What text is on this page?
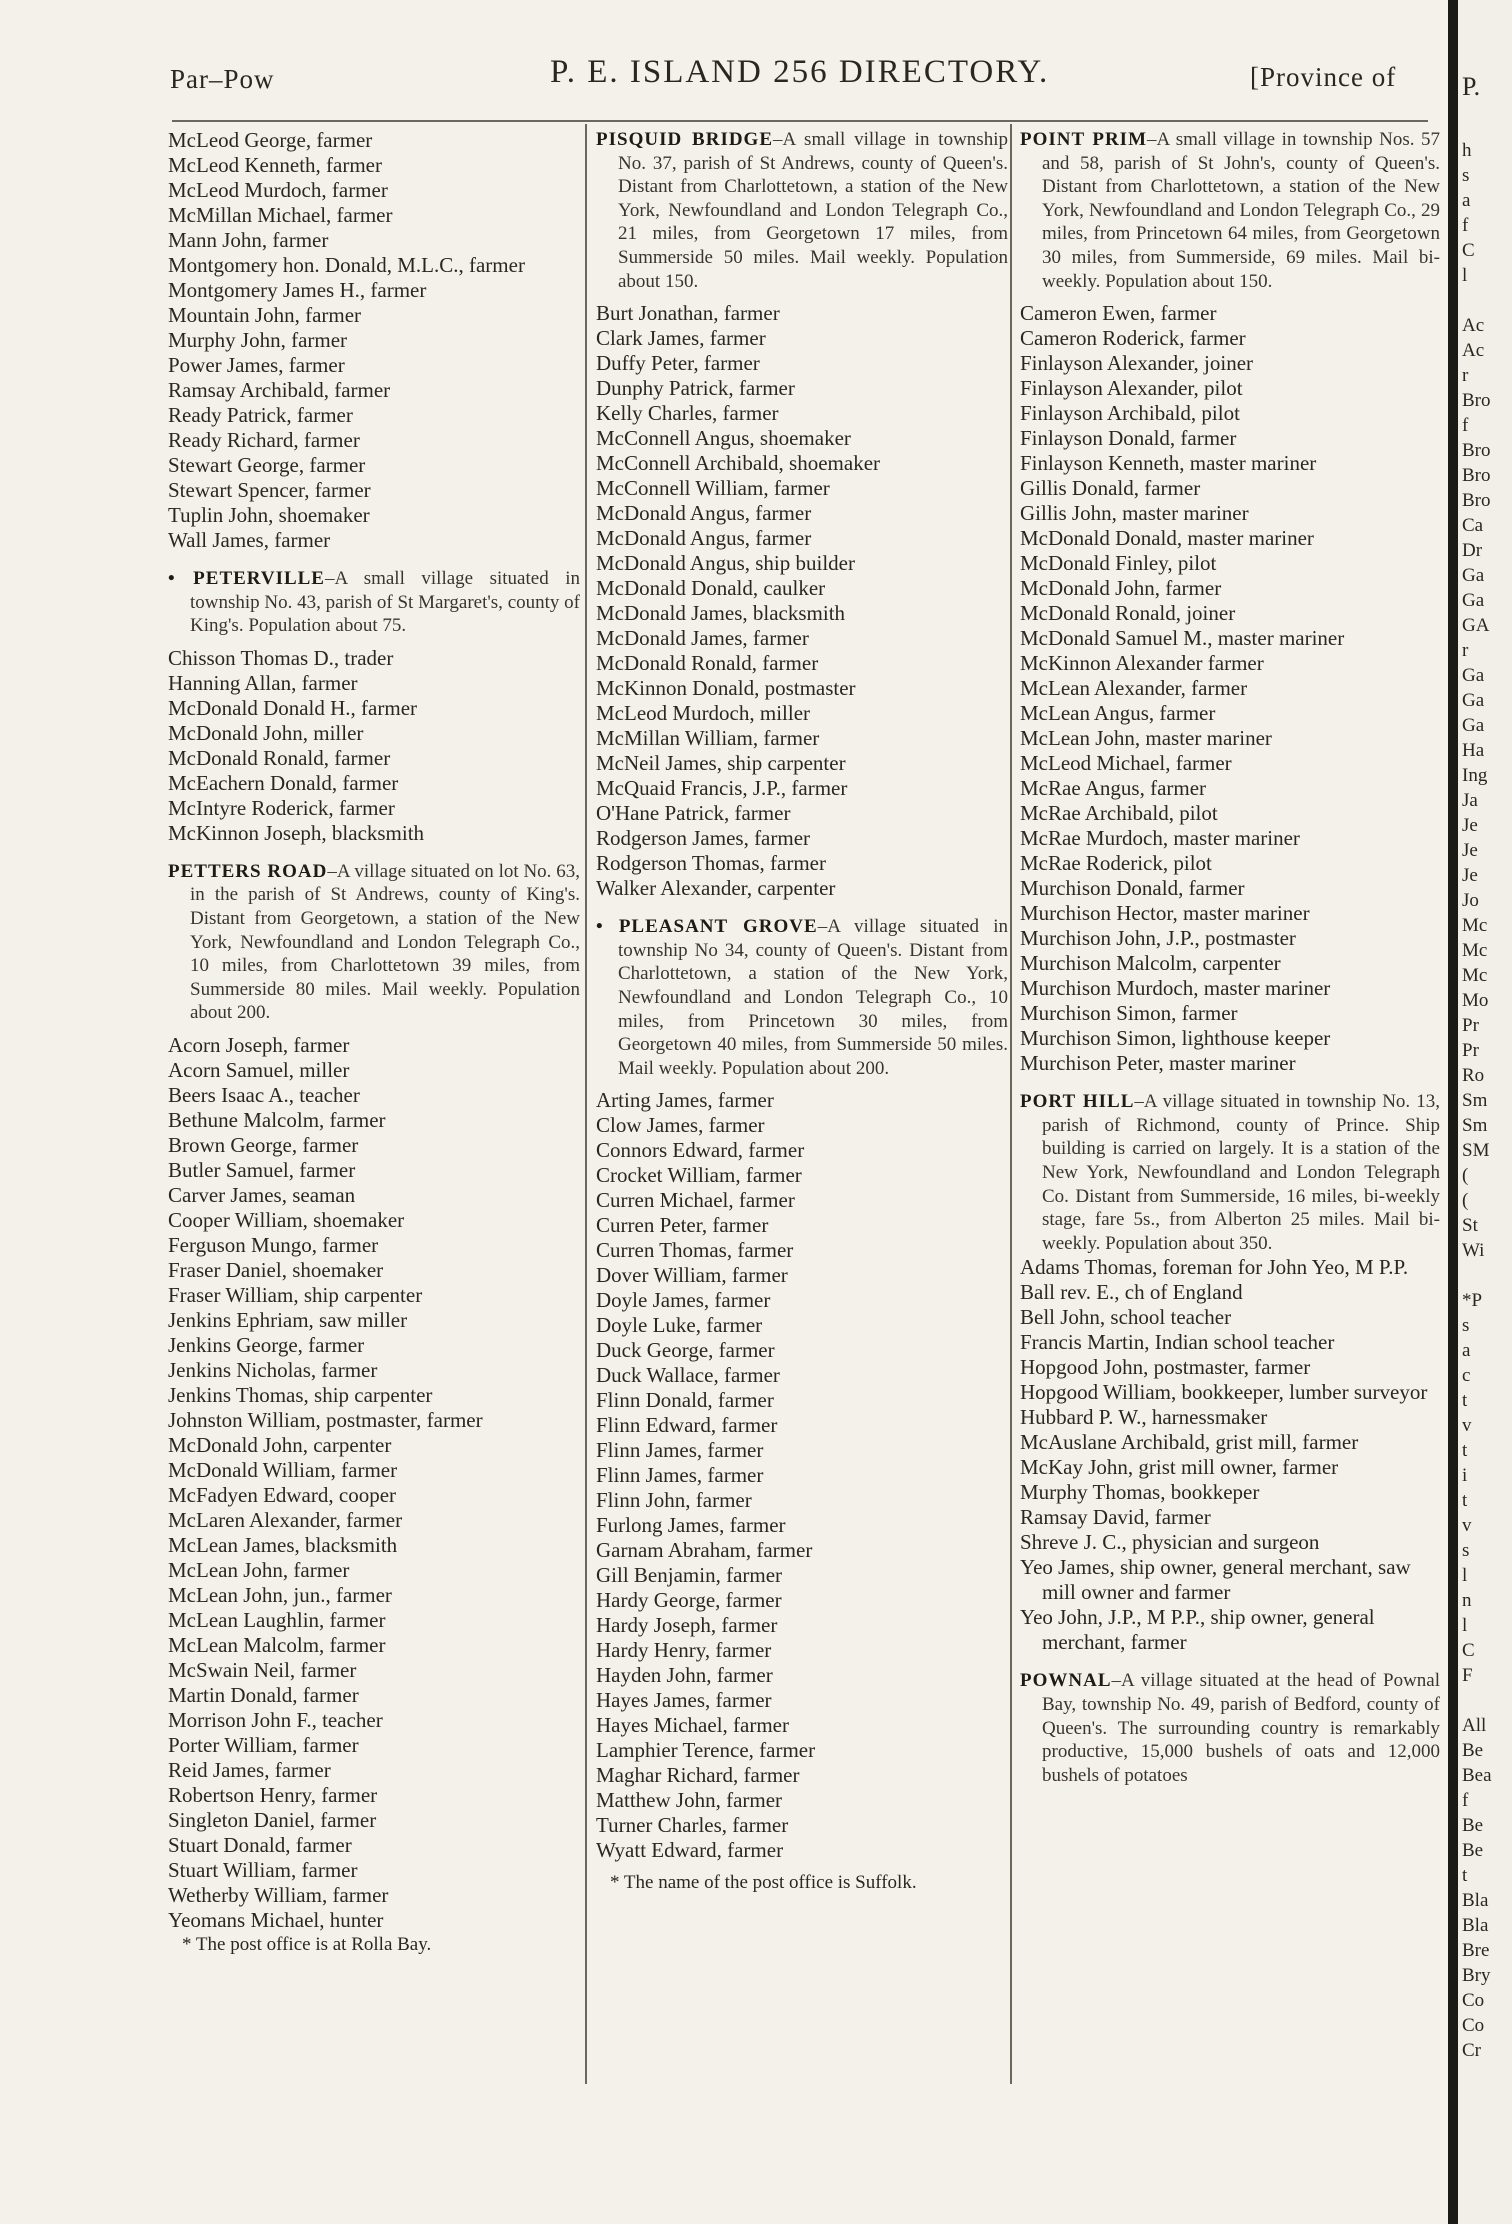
Par–Pow	P. E. ISLAND 256 DIRECTORY.	[Province of
McLeod George, farmer
McLeod Kenneth, farmer
McLeod Murdoch, farmer
McMillan Michael, farmer
Mann John, farmer
Montgomery hon. Donald, M.L.C., farmer
Montgomery James H., farmer
Mountain John, farmer
Murphy John, farmer
Power James, farmer
Ramsay Archibald, farmer
Ready Patrick, farmer
Ready Richard, farmer
Stewart George, farmer
Stewart Spencer, farmer
Tuplin John, shoemaker
Wall James, farmer

• PETERVILLE–A small village situated in township No. 43, parish of St Margaret's, county of King's. Population about 75.

Chisson Thomas D., trader
Hanning Allan, farmer
McDonald Donald H., farmer
McDonald John, miller
McDonald Ronald, farmer
McEachern Donald, farmer
McIntyre Roderick, farmer
McKinnon Joseph, blacksmith

PETTERS ROAD–A village situated on lot No. 63, in the parish of St Andrews, county of King's. Distant from Georgetown, a station of the New York, Newfoundland and London Telegraph Co., 10 miles, from Charlottetown 39 miles, from Summerside 80 miles. Mail weekly. Population about 200.

Acorn Joseph, farmer
Acorn Samuel, miller
Beers Isaac A., teacher
Bethune Malcolm, farmer
Brown George, farmer
Butler Samuel, farmer
Carver James, seaman
Cooper William, shoemaker
Ferguson Mungo, farmer
Fraser Daniel, shoemaker
Fraser William, ship carpenter
Jenkins Ephriam, saw miller
Jenkins George, farmer
Jenkins Nicholas, farmer
Jenkins Thomas, ship carpenter
Johnston William, postmaster, farmer
McDonald John, carpenter
McDonald William, farmer
McFadyen Edward, cooper
McLaren Alexander, farmer
McLean James, blacksmith
McLean John, farmer
McLean John, jun., farmer
McLean Laughlin, farmer
McLean Malcolm, farmer
McSwain Neil, farmer
Martin Donald, farmer
Morrison John F., teacher
Porter William, farmer
Reid James, farmer
Robertson Henry, farmer
Singleton Daniel, farmer
Stuart Donald, farmer
Stuart William, farmer
Wetherby William, farmer
Yeomans Michael, hunter
* The post office is at Rolla Bay.

PISQUID BRIDGE–A small village in township No. 37, parish of St Andrews, county of Queen's. Distant from Charlottetown, a station of the New York, Newfoundland and London Telegraph Co., 21 miles, from Georgetown 17 miles, from Summerside 50 miles. Mail weekly. Population about 150.

Burt Jonathan, farmer
Clark James, farmer
Duffy Peter, farmer
Dunphy Patrick, farmer
Kelly Charles, farmer
McConnell Angus, shoemaker
McConnell Archibald, shoemaker
McConnell William, farmer
McDonald Angus, farmer
McDonald Angus, farmer
McDonald Angus, ship builder
McDonald Donald, caulker
McDonald James, blacksmith
McDonald James, farmer
McDonald Ronald, farmer
McKinnon Donald, postmaster
McLeod Murdoch, miller
McMillan William, farmer
McNeil James, ship carpenter
McQuaid Francis, J.P., farmer
O'Hane Patrick, farmer
Rodgerson James, farmer
Rodgerson Thomas, farmer
Walker Alexander, carpenter

• PLEASANT GROVE–A village situated in township No 34, county of Queen's. Distant from Charlottetown, a station of the New York, Newfoundland and London Telegraph Co., 10 miles, from Princetown 30 miles, from Georgetown 40 miles, from Summerside 50 miles. Mail weekly. Population about 200.

Arting James, farmer
Clow James, farmer
Connors Edward, farmer
Crocket William, farmer
Curren Michael, farmer
Curren Peter, farmer
Curren Thomas, farmer
Dover William, farmer
Doyle James, farmer
Doyle Luke, farmer
Duck George, farmer
Duck Wallace, farmer
Flinn Donald, farmer
Flinn Edward, farmer
Flinn James, farmer
Flinn James, farmer
Flinn John, farmer
Furlong James, farmer
Garnam Abraham, farmer
Gill Benjamin, farmer
Hardy George, farmer
Hardy Joseph, farmer
Hardy Henry, farmer
Hayden John, farmer
Hayes James, farmer
Hayes Michael, farmer
Lamphier Terence, farmer
Maghar Richard, farmer
Matthew John, farmer
Turner Charles, farmer
Wyatt Edward, farmer
* The name of the post office is Suffolk.

POINT PRIM–A small village in township Nos. 57 and 58, parish of St John's, county of Queen's. Distant from Charlottetown, a station of the New York, Newfoundland and London Telegraph Co., 29 miles, from Princetown 64 miles, from Georgetown 30 miles, from Summerside, 69 miles. Mail bi-weekly. Population about 150.

Cameron Ewen, farmer
Cameron Roderick, farmer
Finlayson Alexander, joiner
Finlayson Alexander, pilot
Finlayson Archibald, pilot
Finlayson Donald, farmer
Finlayson Kenneth, master mariner
Gillis Donald, farmer
Gillis John, master mariner
McDonald Donald, master mariner
McDonald Finley, pilot
McDonald John, farmer
McDonald Ronald, joiner
McDonald Samuel M., master mariner
McKinnon Alexander farmer
McLean Alexander, farmer
McLean Angus, farmer
McLean John, master mariner
McLeod Michael, farmer
McRae Angus, farmer
McRae Archibald, pilot
McRae Murdoch, master mariner
McRae Roderick, pilot
Murchison Donald, farmer
Murchison Hector, master mariner
Murchison John, J.P., postmaster
Murchison Malcolm, carpenter
Murchison Murdoch, master mariner
Murchison Simon, farmer
Murchison Simon, lighthouse keeper
Murchison Peter, master mariner

PORT HILL–A village situated in township No. 13, parish of Richmond, county of Prince. Ship building is carried on largely. It is a station of the New York, Newfoundland and London Telegraph Co. Distant from Summerside, 16 miles, bi-weekly stage, fare 5s., from Alberton 25 miles. Mail bi-weekly. Population about 350.

Adams Thomas, foreman for John Yeo, M P.P.
Ball rev. E., ch of England
Bell John, school teacher
Francis Martin, Indian school teacher
Hopgood John, postmaster, farmer
Hopgood William, bookkeeper, lumber surveyor
Hubbard P. W., harnessmaker
McAuslane Archibald, grist mill, farmer
McKay John, grist mill owner, farmer
Murphy Thomas, bookkeper
Ramsay David, farmer
Shreve J. C., physician and surgeon
Yeo James, ship owner, general merchant, saw mill owner and farmer
Yeo John, J.P., M P.P., ship owner, general merchant, farmer

POWNAL–A village situated at the head of Pownal Bay, township No. 49, parish of Bedford, county of Queen's. The surrounding country is remarkably productive, 15,000 bushels of oats and 12,000 bushels of potatoes

P.
h
s
a
f
C
l
Ac
Ac
r
Bro
f
Bro
Bro
Bro
Ca
Dr
Ga
Ga
GA
r
Ga
Ga
Ga
Ha
Ing
Ja
Je
Je
Je
Jo
Mc
Mc
Mc
Mo
Pr
Pr
Ro
Sm
Sm
SM
(
(
St
Wi
*P
s
a
c
t
v
t
i
t
v
s
l
n
l
C
F
All
Be
Bea
f
Be
Be
t
Bla
Bla
Bre
Bry
Co
Co
Cr
